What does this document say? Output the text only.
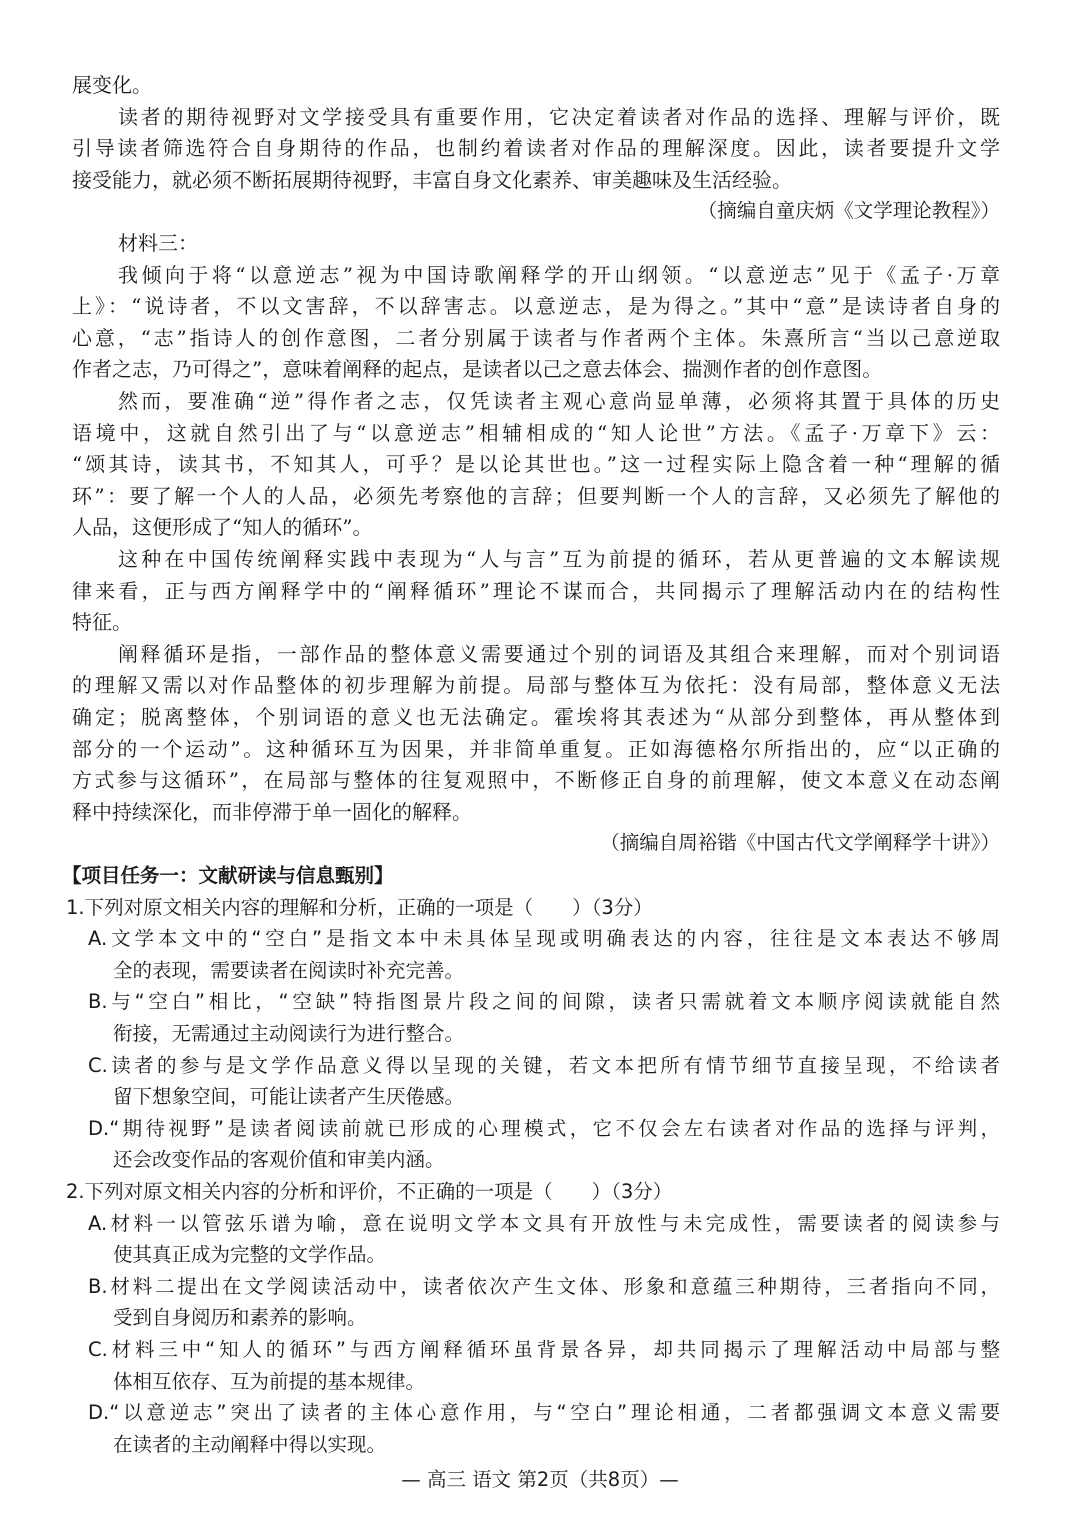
展变化。
读者的期待视野对文学接受具有重要作用，它决定着读者对作品的选择、理解与评价，既
引导读者筛选符合自身期待的作品，也制约着读者对作品的理解深度。因此，读者要提升文学
接受能力，就必须不断拓展期待视野，丰富自身文化素养、审美趣味及生活经验。
（摘编自童庆炳《文学理论教程》）
材料三：
我倾向于将“以意逆志”视为中国诗歌阐释学的开山纲领。“以意逆志”见于《孟子·万章
上》：“说诗者，不以文害辞，不以辞害志。以意逆志，是为得之。”其中“意”是读诗者自身的
心意，“志”指诗人的创作意图，二者分别属于读者与作者两个主体。朱熹所言“当以己意逆取
作者之志，乃可得之”，意味着阐释的起点，是读者以己之意去体会、揣测作者的创作意图。
然而，要准确“逆”得作者之志，仅凭读者主观心意尚显单薄，必须将其置于具体的历史
语境中，这就自然引出了与“以意逆志”相辅相成的“知人论世”方法。《孟子·万章下》云：
“颂其诗，读其书，不知其人，可乎？是以论其世也。”这一过程实际上隐含着一种“理解的循
环”：要了解一个人的人品，必须先考察他的言辞；但要判断一个人的言辞，又必须先了解他的
人品，这便形成了“知人的循环”。
这种在中国传统阐释实践中表现为“人与言”互为前提的循环，若从更普遍的文本解读规
律来看，正与西方阐释学中的“阐释循环”理论不谋而合，共同揭示了理解活动内在的结构性
特征。
阐释循环是指，一部作品的整体意义需要通过个别的词语及其组合来理解，而对个别词语
的理解又需以对作品整体的初步理解为前提。局部与整体互为依托：没有局部，整体意义无法
确定；脱离整体，个别词语的意义也无法确定。霍埃将其表述为“从部分到整体，再从整体到
部分的一个运动”。这种循环互为因果，并非简单重复。正如海德格尔所指出的，应“以正确的
方式参与这循环”，在局部与整体的往复观照中，不断修正自身的前理解，使文本意义在动态阐
释中持续深化，而非停滞于单一固化的解释。
（摘编自周裕锴《中国古代文学阐释学十讲》）
【项目任务一：文献研读与信息甄别】
1.下列对原文相关内容的理解和分析，正确的一项是（　　）（3分）
A.文学本文中的“空白”是指文本中未具体呈现或明确表达的内容，往往是文本表达不够周
全的表现，需要读者在阅读时补充完善。
B.与“空白”相比，“空缺”特指图景片段之间的间隙，读者只需就着文本顺序阅读就能自然
衔接，无需通过主动阅读行为进行整合。
C.读者的参与是文学作品意义得以呈现的关键，若文本把所有情节细节直接呈现，不给读者
留下想象空间，可能让读者产生厌倦感。
D.“期待视野”是读者阅读前就已形成的心理模式，它不仅会左右读者对作品的选择与评判，
还会改变作品的客观价值和审美内涵。
2.下列对原文相关内容的分析和评价，不正确的一项是（　　）（3分）
A.材料一以管弦乐谱为喻，意在说明文学本文具有开放性与未完成性，需要读者的阅读参与
使其真正成为完整的文学作品。
B.材料二提出在文学阅读活动中，读者依次产生文体、形象和意蕴三种期待，三者指向不同，
受到自身阅历和素养的影响。
C.材料三中“知人的循环”与西方阐释循环虽背景各异，却共同揭示了理解活动中局部与整
体相互依存、互为前提的基本规律。
D.“以意逆志”突出了读者的主体心意作用，与“空白”理论相通，二者都强调文本意义需要
在读者的主动阐释中得以实现。
— 高三 语文 第2页（共8页）—
